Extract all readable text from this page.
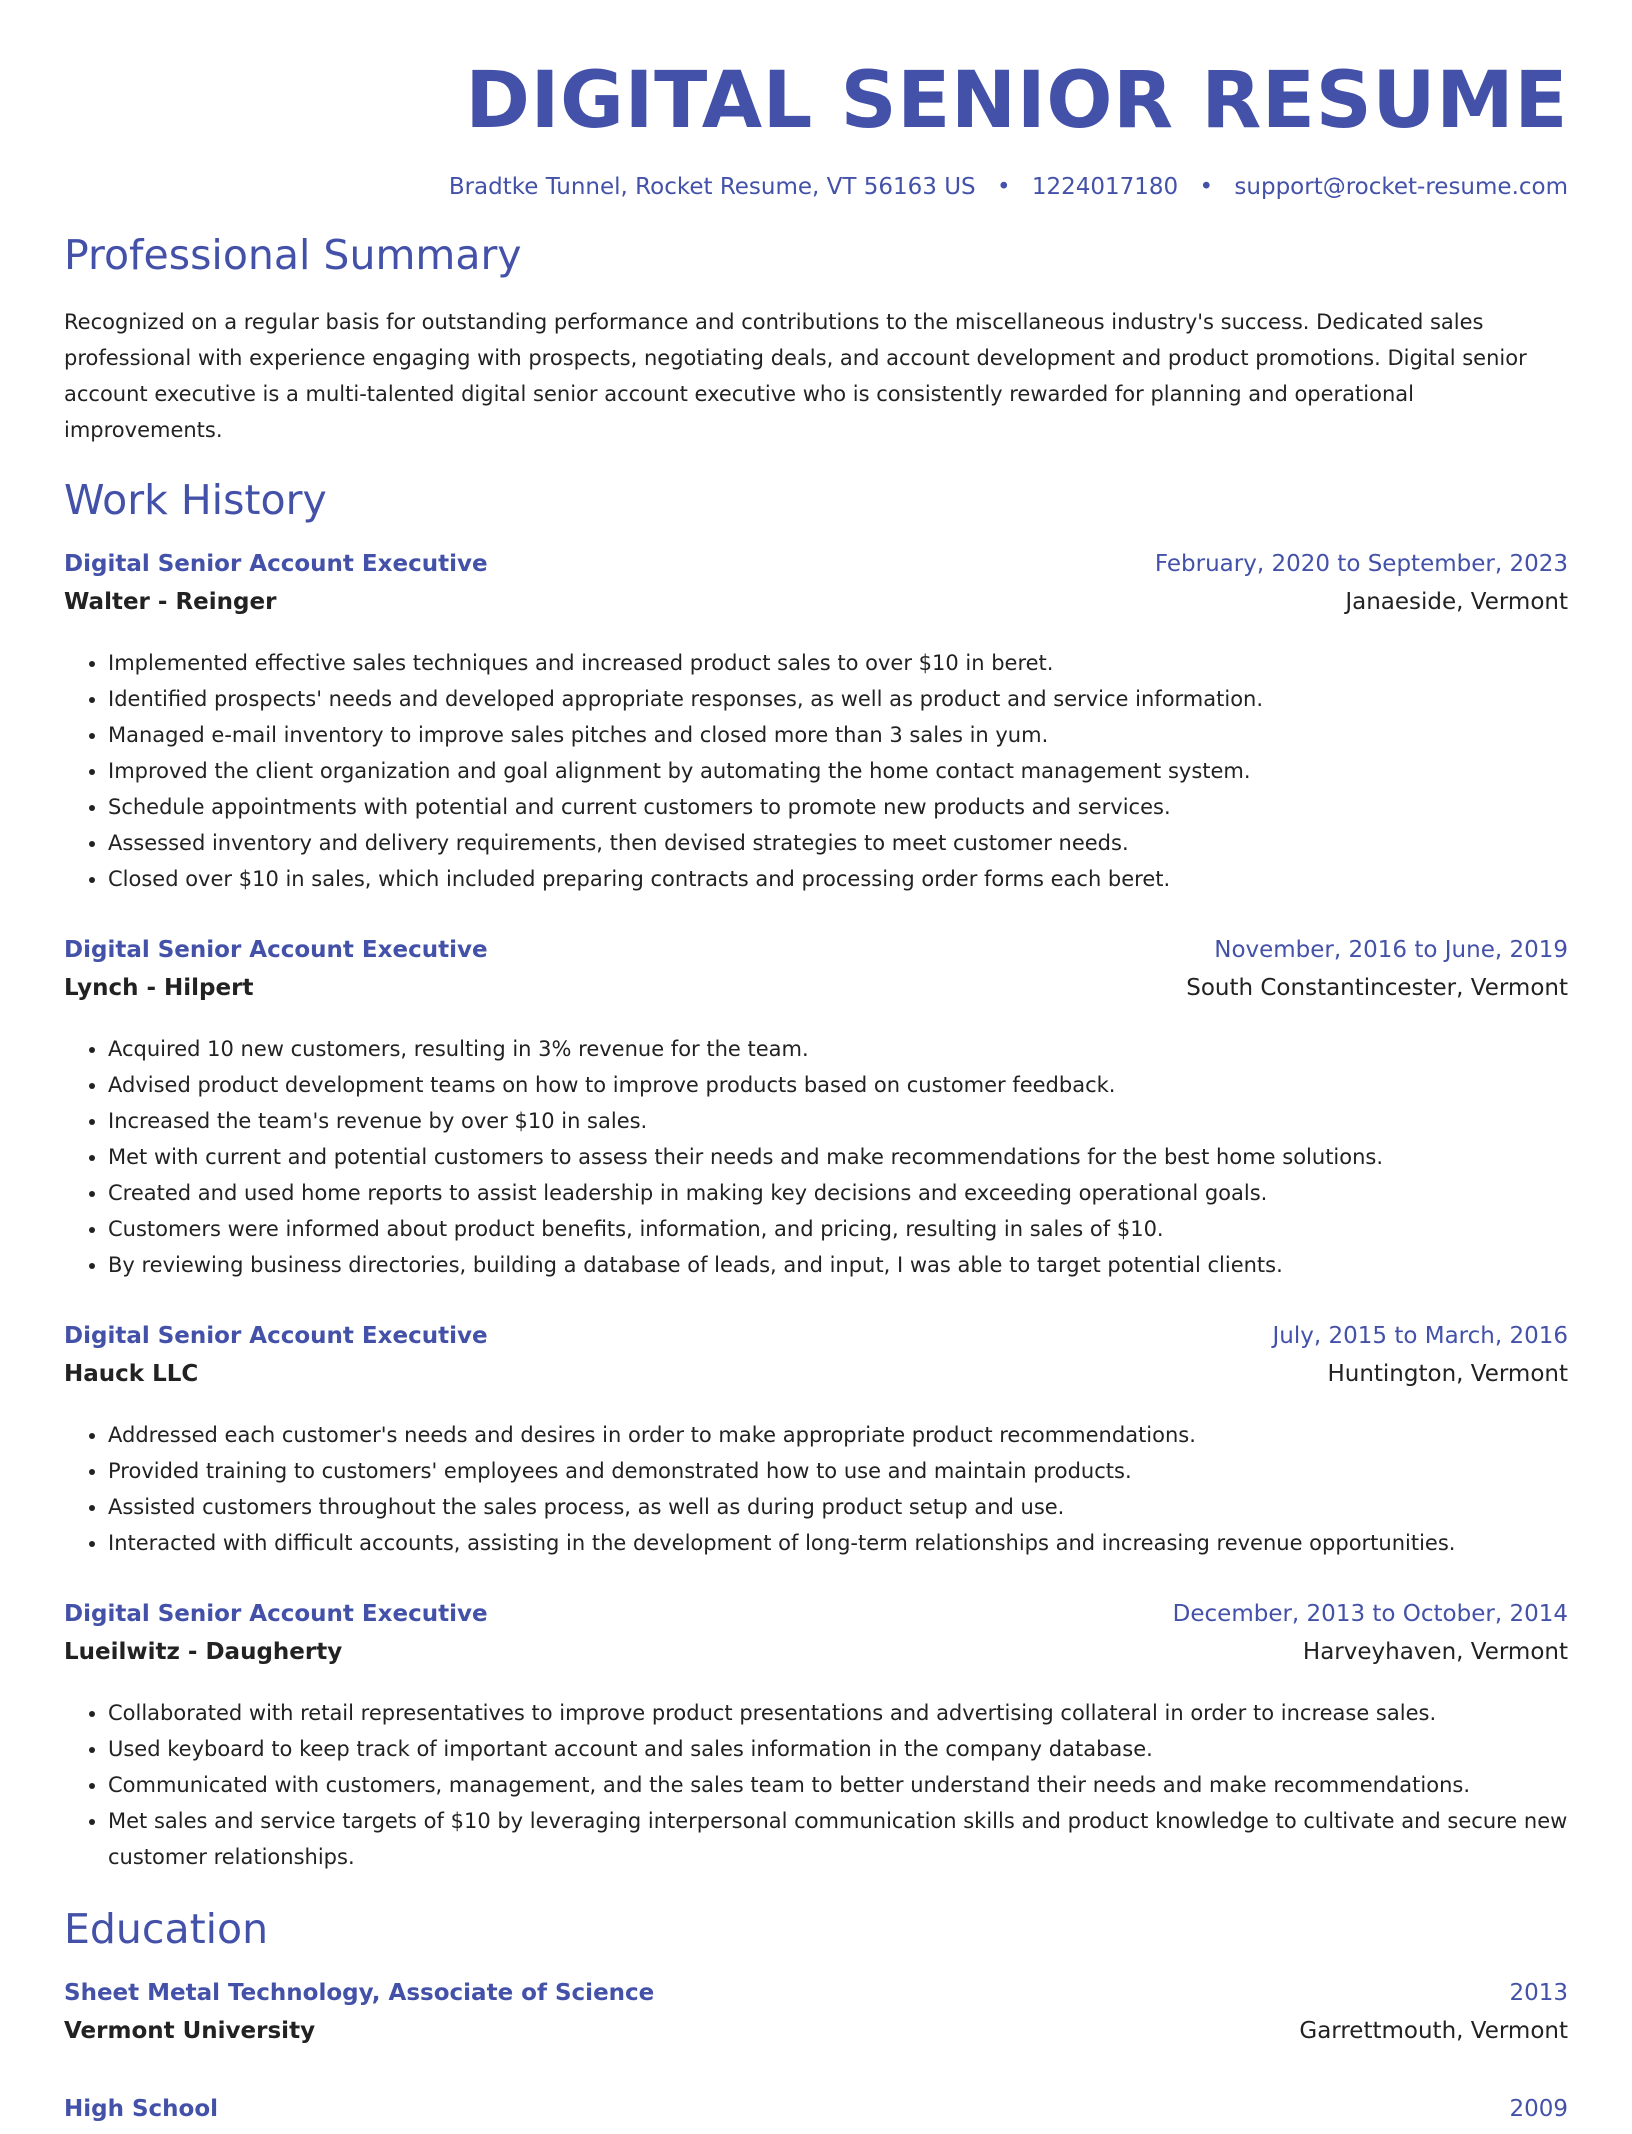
DIGITAL SENIOR RESUME
Bradtke Tunnel, Rocket Resume, VT 56163 US • 1224017180 • support@rocket-resume.com
Professional Summary
Recognized on a regular basis for outstanding performance and contributions to the miscellaneous industry's success. Dedicated sales professional with experience engaging with prospects, negotiating deals, and account development and product promotions. Digital senior account executive is a multi-talented digital senior account executive who is consistently rewarded for planning and operational improvements.
Work History
Digital Senior Account Executive	February, 2020 to September, 2023
Walter - Reinger	Janaeside, Vermont
• Implemented effective sales techniques and increased product sales to over $10 in beret.
• Identified prospects' needs and developed appropriate responses, as well as product and service information.
• Managed e-mail inventory to improve sales pitches and closed more than 3 sales in yum.
• Improved the client organization and goal alignment by automating the home contact management system.
• Schedule appointments with potential and current customers to promote new products and services.
• Assessed inventory and delivery requirements, then devised strategies to meet customer needs.
• Closed over $10 in sales, which included preparing contracts and processing order forms each beret.
Digital Senior Account Executive	November, 2016 to June, 2019
Lynch - Hilpert	South Constantincester, Vermont
• Acquired 10 new customers, resulting in 3% revenue for the team.
• Advised product development teams on how to improve products based on customer feedback.
• Increased the team's revenue by over $10 in sales.
• Met with current and potential customers to assess their needs and make recommendations for the best home solutions.
• Created and used home reports to assist leadership in making key decisions and exceeding operational goals.
• Customers were informed about product benefits, information, and pricing, resulting in sales of $10.
• By reviewing business directories, building a database of leads, and input, I was able to target potential clients.
Digital Senior Account Executive	July, 2015 to March, 2016
Hauck LLC	Huntington, Vermont
• Addressed each customer's needs and desires in order to make appropriate product recommendations.
• Provided training to customers' employees and demonstrated how to use and maintain products.
• Assisted customers throughout the sales process, as well as during product setup and use.
• Interacted with difficult accounts, assisting in the development of long-term relationships and increasing revenue opportunities.
Digital Senior Account Executive	December, 2013 to October, 2014
Lueilwitz - Daugherty	Harveyhaven, Vermont
• Collaborated with retail representatives to improve product presentations and advertising collateral in order to increase sales.
• Used keyboard to keep track of important account and sales information in the company database.
• Communicated with customers, management, and the sales team to better understand their needs and make recommendations.
• Met sales and service targets of $10 by leveraging interpersonal communication skills and product knowledge to cultivate and secure new customer relationships.
Education
Sheet Metal Technology, Associate of Science	2013
Vermont University	Garrettmouth, Vermont
High School	2009
